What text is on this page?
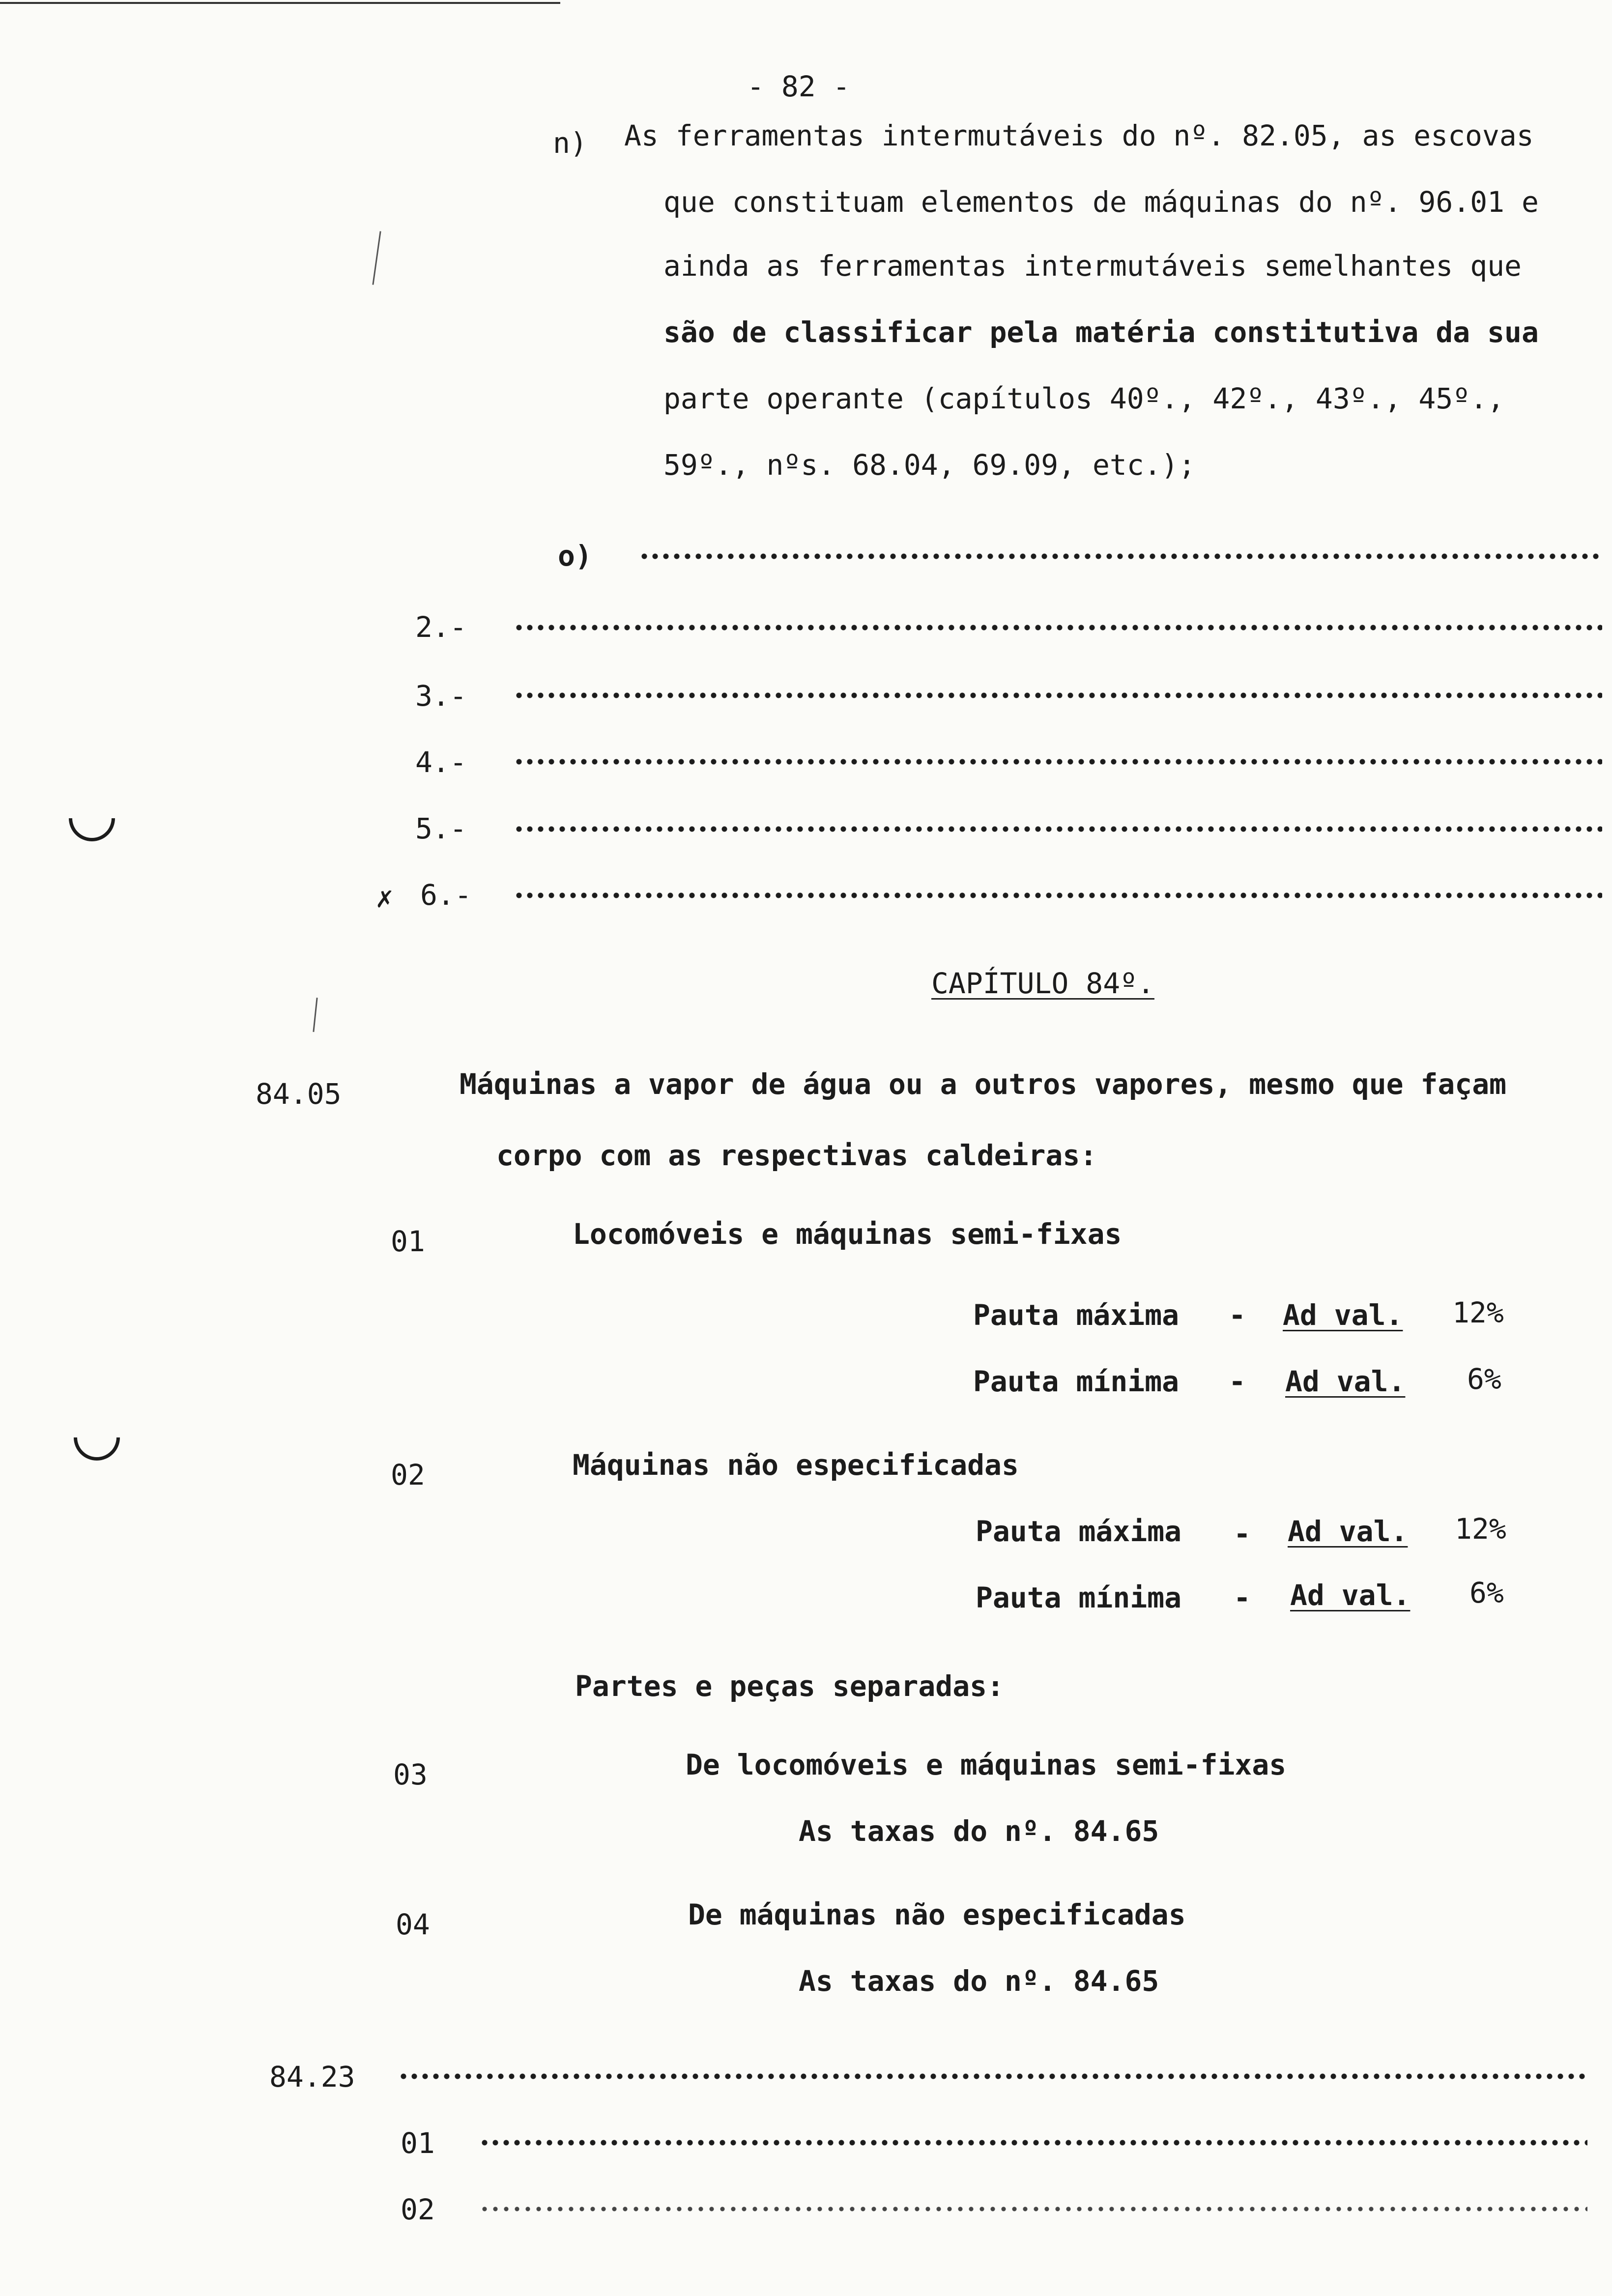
- 82 -
n) As ferramentas intermutáveis do nº. 82.05, as escovas
que constituam elementos de máquinas do nº. 96.01 e
ainda as ferramentas intermutáveis semelhantes que
são de classificar pela matéria constitutiva da sua
parte operante (capítulos 40º., 42º., 43º., 45º.,
59º., nºs. 68.04, 69.09, etc.);
o)
2.-
3.-
4.-
5.-
✗ 6.-
CAPÍTULO 84º.
84.05	Máquinas a vapor de água ou a outros vapores, mesmo que façam
corpo com as respectivas caldeiras:
01	Locomóveis e máquinas semi-fixas
Pauta máxima - Ad val. 12%
Pauta mínima - Ad val. 6%
02	Máquinas não especificadas
Pauta máxima - Ad val. 12%
Pauta mínima - Ad val. 6%
Partes e peças separadas:
03	De locomóveis e máquinas semi-fixas
As taxas do nº. 84.65
04	De máquinas não especificadas
As taxas do nº. 84.65
84.23
01
02
